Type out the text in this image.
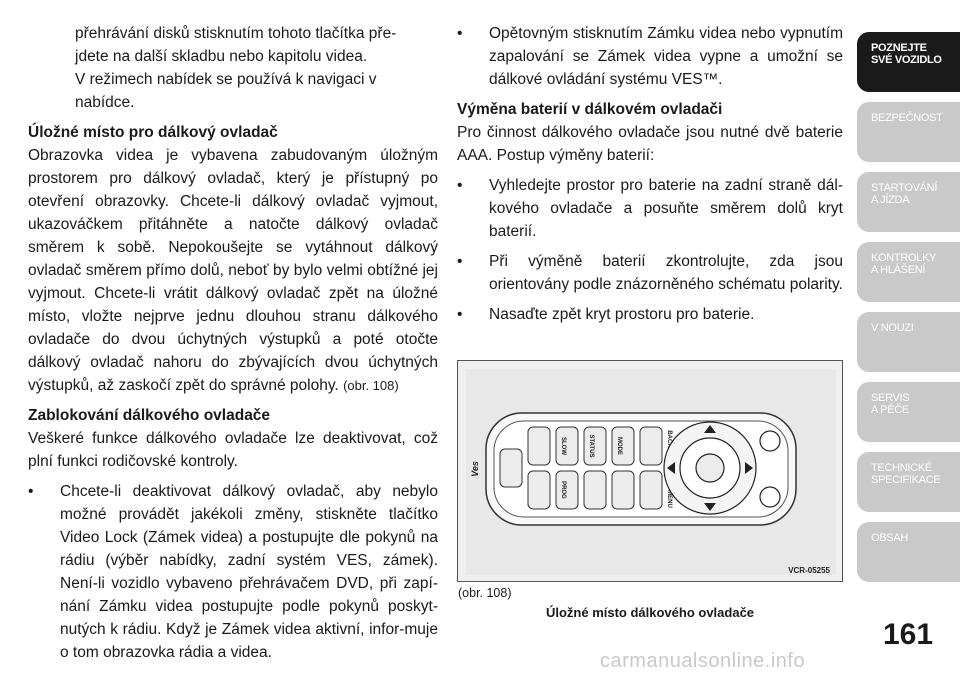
přehrávání disků stisknutím tohoto tlačítka pře-

jdete na další skladbu nebo kapitolu videa.

V režimech nabídek se používá k navigaci v nabídce.

Úložné místo pro dálkový ovladač

Obrazovka videa je vybavena zabudovaným úložným prostorem pro dálkový ovladač, který je přístupný po otevření obrazovky. Chcete-li dálkový ovladač vyjmout, ukazováčkem přitáhněte a natočte dálkový ovladač směrem k sobě. Nepokoušejte se vytáhnout dálkový ovladač směrem přímo dolů, neboť by bylo velmi obtížné jej vyjmout. Chcete-li vrátit dálkový ovladač zpět na úložné místo, vložte nejprve jednu dlouhou stranu dálkového ovladače do dvou úchytných výstupků a poté otočte dálkový ovladač nahoru do zbývajících dvou úchytných výstupků, až zaskočí zpět do správné polohy. (obr. 108)

Zablokování dálkového ovladače

Veškeré funkce dálkového ovladače lze deaktivovat, což plní funkci rodičovské kontroly.

• Chcete-li deaktivovat dálkový ovladač, aby nebylo možné provádět jakékoli změny, stiskněte tlačítko Video Lock (Zámek videa) a postupujte dle pokynů na rádiu (výběr nabídky, zadní systém VES, zámek). Není-li vozidlo vybaveno přehrávačem DVD, při zapí-nání Zámku videa postupujte podle pokynů poskyt-nutých k rádiu. Když je Zámek videa aktivní, infor-muje o tom obrazovka rádia a videa.
• Opětovným stisknutím Zámku videa nebo vypnutím zapalování se Zámek videa vypne a umožní se dálkové ovládání systému VES™.
Výměna baterií v dálkovém ovladači

Pro činnost dálkového ovladače jsou nutné dvě baterie AAA. Postup výměny baterií:

• Vyhledejte prostor pro baterie na zadní straně dál-kového ovladače a posuňte směrem dolů kryt baterií.
• Při výměně baterií zkontrolujte, zda jsou orientovány podle znázorněného schématu polarity.
• Nasaďte zpět kryt prostoru pro baterie.
SLOW	STATUS	MODE	BACK
PROG
MENU
Ves
VCR-05255
(obr. 108)
Úložné místo dálkového ovladače
POZNEJTE
SVÉ VOZIDLO
BEZPEČNOST
STARTOVÁNÍ
A JÍZDA
KONTROLKY
A HLÁŠENÍ
V NOUZI
SERVIS
A PÉČE
TECHNICKÉ
SPECIFIKACE
OBSAH
161
carmanualsonline.info
